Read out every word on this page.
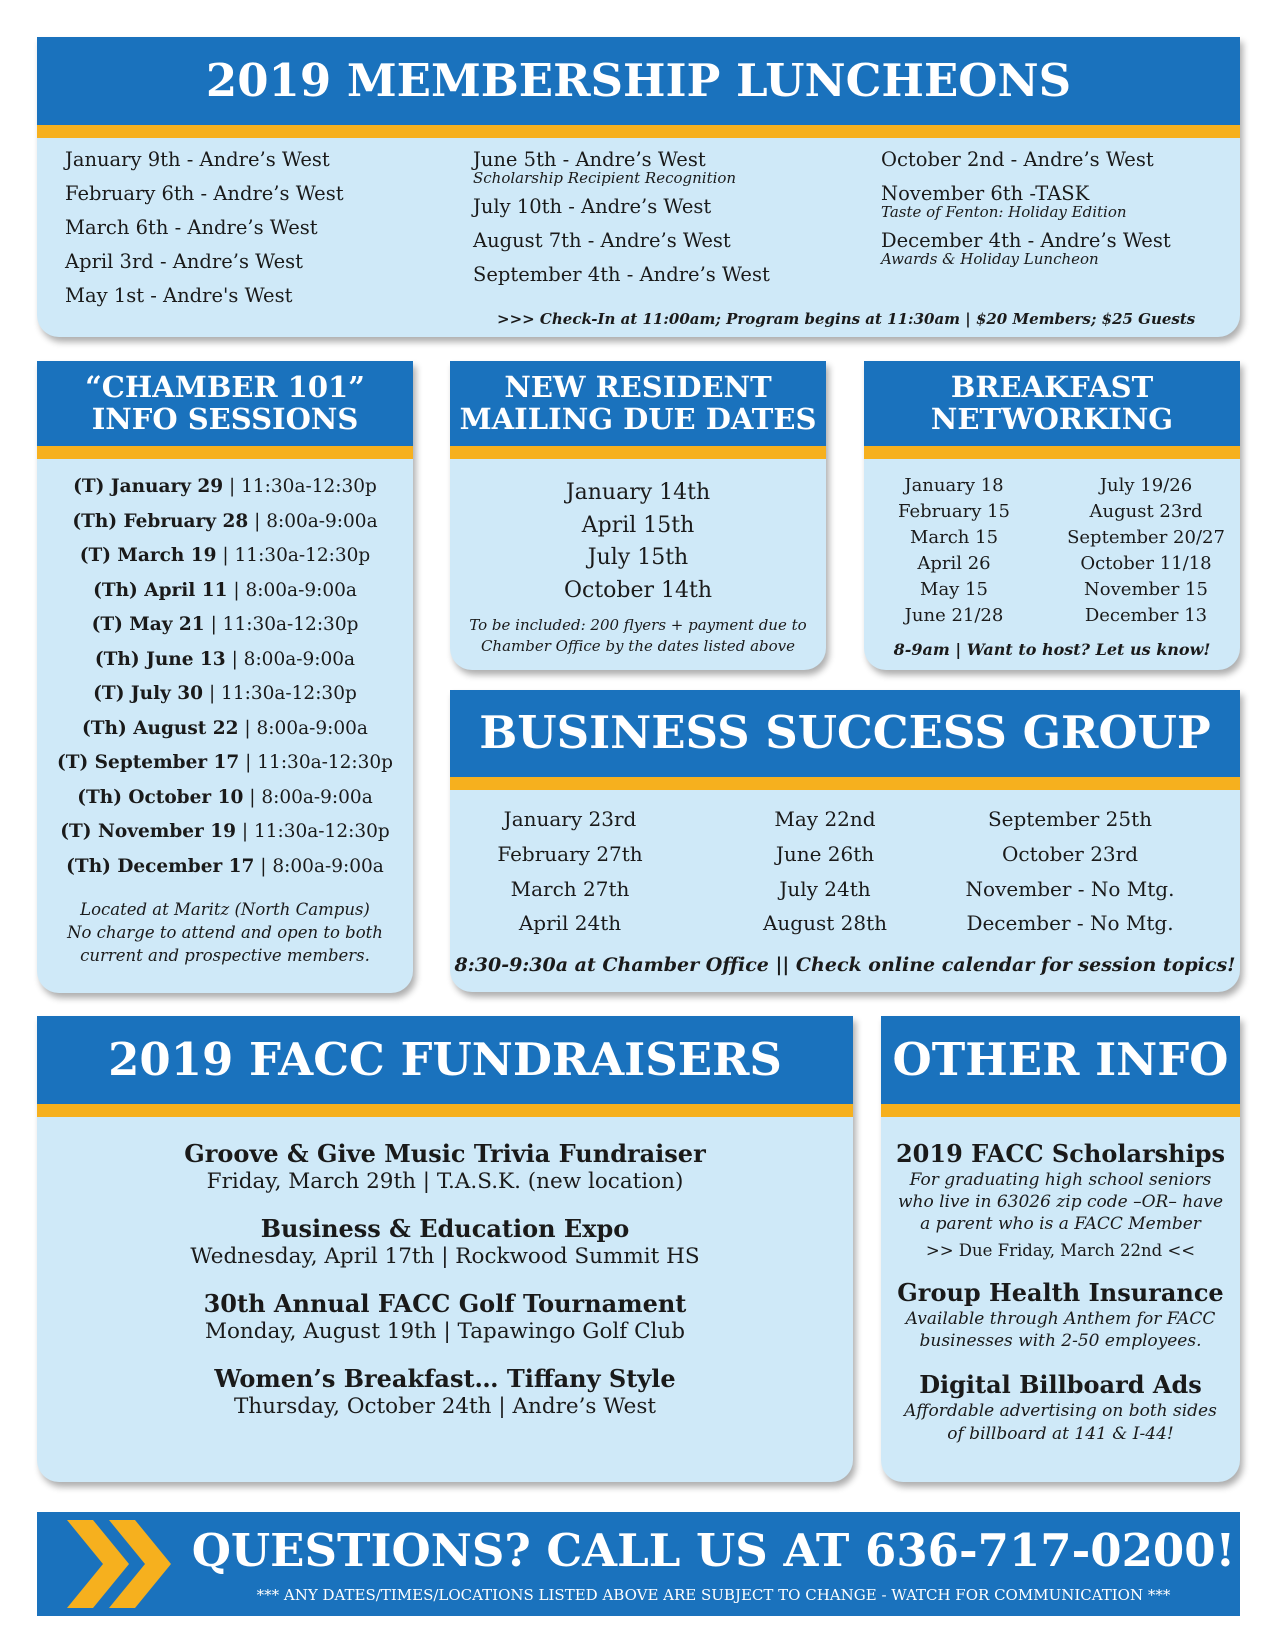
2019 MEMBERSHIP LUNCHEONS
January 9th - Andre’s West
February 6th - Andre’s West
March 6th - Andre’s West
April 3rd - Andre’s West
May 1st - Andre's West
June 5th - Andre’s West
Scholarship Recipient Recognition
July 10th - Andre’s West
August 7th - Andre’s West
September 4th - Andre’s West
October 2nd - Andre’s West
November 6th -TASK
Taste of Fenton: Holiday Edition
December 4th - Andre’s West
Awards & Holiday Luncheon
>>> Check-In at 11:00am; Program begins at 11:30am | $20 Members; $25 Guests
“CHAMBER 101”
INFO SESSIONS
(T) January 29 | 11:30a-12:30p
(Th) February 28 | 8:00a-9:00a
(T) March 19 | 11:30a-12:30p
(Th) April 11 | 8:00a-9:00a
(T) May 21 | 11:30a-12:30p
(Th) June 13 | 8:00a-9:00a
(T) July 30 | 11:30a-12:30p
(Th) August 22 | 8:00a-9:00a
(T) September 17 | 11:30a-12:30p
(Th) October 10 | 8:00a-9:00a
(T) November 19 | 11:30a-12:30p
(Th) December 17 | 8:00a-9:00a
Located at Maritz (North Campus)
No charge to attend and open to both
current and prospective members.
NEW RESIDENT
MAILING DUE DATES
January 14th
April 15th
July 15th
October 14th
To be included: 200 flyers + payment due to
Chamber Office by the dates listed above
BREAKFAST
NETWORKING
January 18
February 15
March 15
April 26
May 15
June 21/28
July 19/26
August 23rd
September 20/27
October 11/18
November 15
December 13
8-9am | Want to host? Let us know!
BUSINESS SUCCESS GROUP
January 23rd
February 27th
March 27th
April 24th
May 22nd
June 26th
July 24th
August 28th
September 25th
October 23rd
November - No Mtg.
December - No Mtg.
8:30-9:30a at Chamber Office || Check online calendar for session topics!
2019 FACC FUNDRAISERS
Groove & Give Music Trivia Fundraiser
Friday, March 29th | T.A.S.K. (new location)
Business & Education Expo
Wednesday, April 17th | Rockwood Summit HS
30th Annual FACC Golf Tournament
Monday, August 19th | Tapawingo Golf Club
Women’s Breakfast… Tiffany Style
Thursday, October 24th | Andre’s West
OTHER INFO
2019 FACC Scholarships
For graduating high school seniors
who live in 63026 zip code –OR– have
a parent who is a FACC Member
>> Due Friday, March 22nd <<
Group Health Insurance
Available through Anthem for FACC
businesses with 2-50 employees.
Digital Billboard Ads
Affordable advertising on both sides
of billboard at 141 & I-44!
QUESTIONS? CALL US AT 636-717-0200!
*** ANY DATES/TIMES/LOCATIONS LISTED ABOVE ARE SUBJECT TO CHANGE - WATCH FOR COMMUNICATION ***
